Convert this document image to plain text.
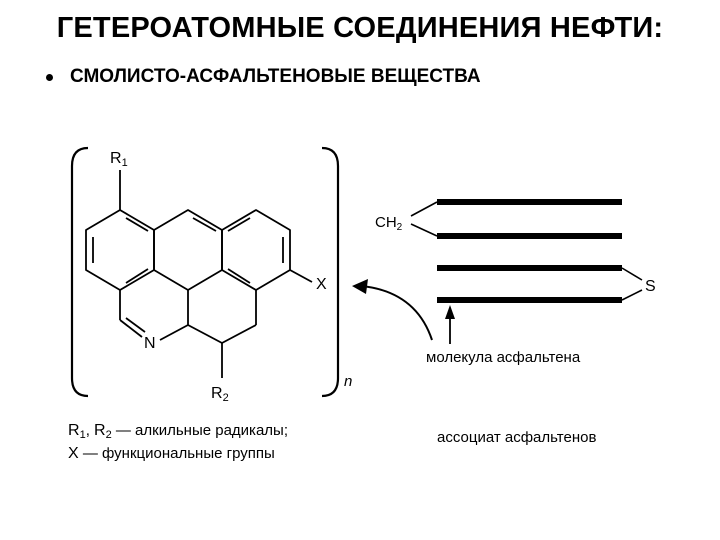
ГЕТЕРОАТОМНЫЕ СОЕДИНЕНИЯ НЕФТИ:
СМОЛИСТО-АСФАЛЬТЕНОВЫЕ ВЕЩЕСТВА
n
N
X
R1
R2
$CH_2$
S
молекула асфальтена
ассоциат асфальтенов
$R_1$, $R_2$ — алкильные радикалы;
X — функциональные группы
